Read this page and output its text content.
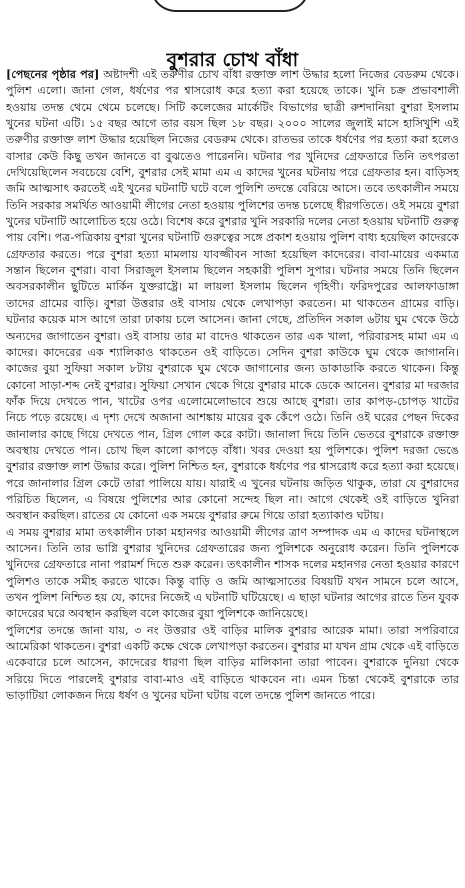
বুশরার চোখ বাঁধা

[পেছনের পৃষ্ঠার পর] অষ্টাদশী এই তরুণীর চোখ বাঁধা রক্তাক্ত লাশ উদ্ধার হলো নিজের বেডরুম থেকে। পুলিশ এলো। জানা গেল, ধর্ষণের পর শ্বাসরোধ করে হত্যা করা হয়েছে তাকে। খুনি চক্র প্রভাবশালী হওয়ায় তদন্ত থেমে থেমে চলেছে। সিটি কলেজের মার্কেটিং বিভাগের ছাত্রী রুশদানিয়া বুশরা ইসলাম খুনের ঘটনা এটি। ১৫ বছর আগে তার বয়স ছিল ১৮ বছর। ২০০০ সালের জুলাই মাসে হাসিখুশি এই তরুণীর রক্তাক্ত লাশ উদ্ধার হয়েছিল নিজের বেডরুম থেকে। রাতভর তাকে ধর্ষণের পর হত্যা করা হলেও বাসার কেউ কিছু তখন জানতে বা বুঝতেও পারেননি। ঘটনার পর খুনিদের গ্রেফতারে তিনি তৎপরতা দেখিয়েছিলেন সবচেয়ে বেশি, বুশরার সেই মামা এম এ কাদের খুনের ঘটনায় পরে গ্রেফতার হন। বাড়িসহ জমি আত্মসাৎ করতেই এই খুনের ঘটনাটি ঘটে বলে পুলিশি তদন্তে বেরিয়ে আসে। তবে তৎকালীন সময়ে তিনি সরকার সমর্থিত আওয়ামী লীগের নেতা হওয়ায় পুলিশের তদন্ত চলেছে ধীরগতিতে। ওই সময়ে বুশরা খুনের ঘটনাটি আলোচিত হয়ে ওঠে। বিশেষ করে বুশরার খুনি সরকারি দলের নেতা হওয়ায় ঘটনাটি গুরুত্ব পায় বেশি। পত্র-পত্রিকায় বুশরা খুনের ঘটনাটি গুরুত্বের সঙ্গে প্রকাশ হওয়ায় পুলিশ বাধ্য হয়েছিল কাদেরকে গ্রেফতার করতে। পরে বুশরা হত্যা মামলায় যাবজ্জীবন সাজা হয়েছিল কাদেরের। বাবা-মায়ের একমাত্র সন্তান ছিলেন বুশরা। বাবা সিরাজুল ইসলাম ছিলেন সহকারী পুলিশ সুপার। ঘটনার সময়ে তিনি ছিলেন অবসরকালীন ছুটিতে মার্কিন যুক্তরাষ্ট্রে। মা লায়লা ইসলাম ছিলেন গৃহিণী। ফরিদপুরের আলফাডাঙ্গা তাদের গ্রামের বাড়ি। বুশরা উত্তরার ওই বাসায় থেকে লেখাপড়া করতেন। মা থাকতেন গ্রামের বাড়ি। ঘটনার কয়েক মাস আগে তারা ঢাকায় চলে আসেন। জানা গেছে, প্রতিদিন সকাল ৬টায় ঘুম থেকে উঠে অন্যদের জাগাতেন বুশরা। ওই বাসায় তার মা বাদেও থাকতেন তার এক খালা, পরিবারসহ মামা এম এ কাদের। কাদেরের এক শ্যালিকাও থাকতেন ওই বাড়িতে। সেদিন বুশরা কাউকে ঘুম থেকে জাগাননি। কাজের বুয়া সুফিয়া সকাল ৮টায় বুশরাকে ঘুম থেকে জাগানোর জন্য ডাকাডাকি করতে থাকেন। কিন্তু কোনো সাড়া-শব্দ নেই বুশরার। সুফিয়া সেখান থেকে গিয়ে বুশরার মাকে ডেকে আনেন। বুশরার মা দরজার ফাঁক দিয়ে দেখতে পান, খাটের ওপর এলোমেলোভাবে শুয়ে আছে বুশরা। তার কাপড়-চোপড় খাটের নিচে পড়ে রয়েছে। এ দৃশ্য দেখে অজানা আশঙ্কায় মায়ের বুক কেঁপে ওঠে। তিনি ওই ঘরের পেছন দিকের জানালার কাছে গিয়ে দেখতে পান, গ্রিল গোল করে কাটা। জানালা দিয়ে তিনি ভেতরে বুশরাকে রক্তাক্ত অবস্থায় দেখতে পান। চোখ ছিল কালো কাপড়ে বাঁধা। খবর দেওয়া হয় পুলিশকে। পুলিশ দরজা ভেঙে বুশরার রক্তাক্ত লাশ উদ্ধার করে। পুলিশ নিশ্চিত হন, বুশরাকে ধর্ষণের পর শ্বাসরোধ করে হত্যা করা হয়েছে। পরে জানালার গ্রিল কেটে তারা পালিয়ে যায়। যারাই এ খুনের ঘটনায় জড়িত থাকুক, তারা যে বুশরাদের পরিচিত ছিলেন, এ বিষয়ে পুলিশের আর কোনো সন্দেহ ছিল না। আগে থেকেই ওই বাড়িতে খুনিরা অবস্থান করছিল। রাতের যে কোনো এক সময়ে বুশরার রুমে গিয়ে তারা হত্যাকাণ্ড ঘটায়।

এ সময় বুশরার মামা তৎকালীন ঢাকা মহানগর আওয়ামী লীগের ত্রাণ সম্পাদক এম এ কাদের ঘটনাস্থলে আসেন। তিনি তার ভাগ্নি বুশরার খুনিদের গ্রেফতারের জন্য পুলিশকে অনুরোধ করেন। তিনি পুলিশকে খুনিদের গ্রেফতারে নানা পরামর্শ দিতে শুরু করেন। তৎকালীন শাসক দলের মহানগর নেতা হওয়ার কারণে পুলিশও তাকে সমীহ করতে থাকে। কিন্তু বাড়ি ও জমি আত্মসাতের বিষয়টি যখন সামনে চলে আসে, তখন পুলিশ নিশ্চিত হয় যে, কাদের নিজেই এ ঘটনাটি ঘটিয়েছে। এ ছাড়া ঘটনার আগের রাতে তিন যুবক কাদেরের ঘরে অবস্থান করছিল বলে কাজের বুয়া পুলিশকে জানিয়েছে।

পুলিশের তদন্তে জানা যায়, ৩ নং উত্তরার ওই বাড়ির মালিক বুশরার আরেক মামা। তারা সপরিবারে আমেরিকা থাকতেন। বুশরা একটি কক্ষে থেকে লেখাপড়া করতেন। বুশরার মা যখন গ্রাম থেকে এই বাড়িতে একেবারে চলে আসেন, কাদেরের ধারণা ছিল বাড়ির মালিকানা তারা পাবেন। বুশরাকে দুনিয়া থেকে সরিয়ে দিতে পারলেই বুশরার বাবা-মাও এই বাড়িতে থাকবেন না। এমন চিন্তা থেকেই বুশরাকে তার ভাড়াটিয়া লোকজন দিয়ে ধর্ষণ ও খুনের ঘটনা ঘটায় বলে তদন্তে পুলিশ জানতে পারে।
